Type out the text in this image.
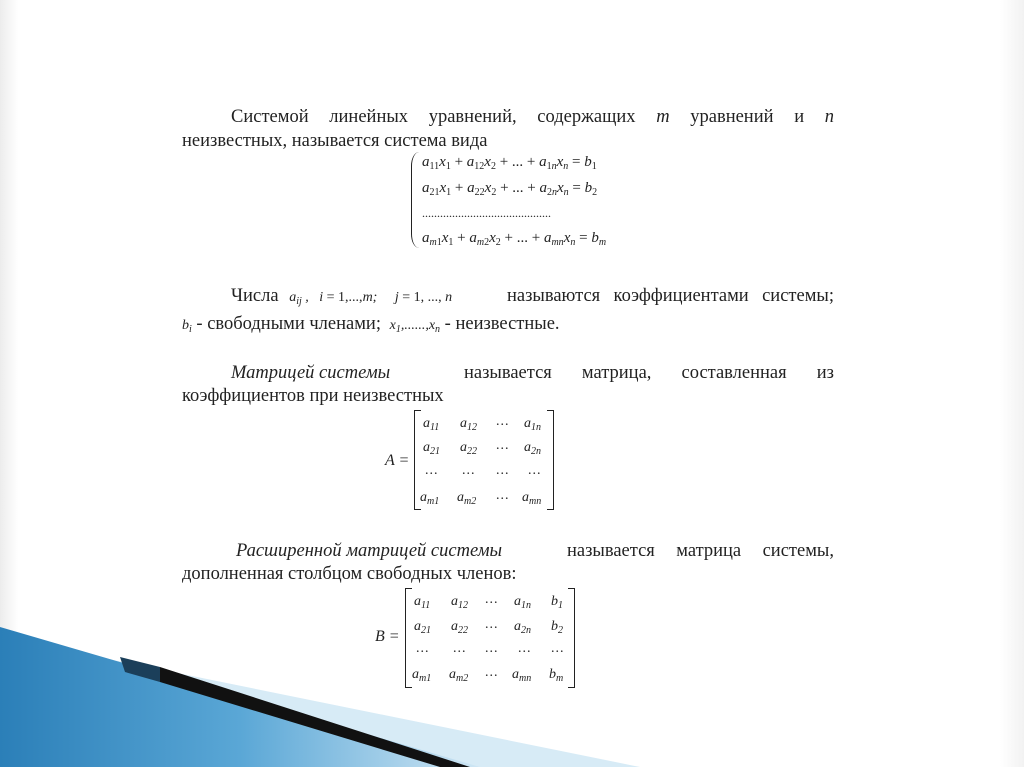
Системой линейных уравнений, содержащих m уравнений и n
неизвестных, называется система вида
$a_{11}x_1 + a_{12}x_2$ + ... + $a_{1n}x_n = b_1$
$a_{21}x_1 + a_{22}x_2$ + ... + $a_{2n}x_n = b_2$
...........................................
$a_{m1}x_1 + a_{m2}x_2$ + ... + $a_{mn}x_n = b_m$
Числа $a_{ij}$ ,   i = 1,...,m;     j = 1, ..., n	называются коэффициентами системы;
$b_i$ - свободными членами; $x_1,......,x_n$ - неизвестные.
Матрицей системы	называется матрица, составленная из
коэффициентов при неизвестных
A =
$a_{11}$ $a_{12}$ ... $a_{1n}$
$a_{21}$ $a_{22}$ ... $a_{2n}$
... ... ... ...
$a_{m1}$ $a_{m2}$ ... $a_{mn}$
Расширенной матрицей системы	называется матрица системы,
дополненная столбцом свободных членов:
B =
$a_{11}$ $a_{12}$ ... $a_{1n}$ $b_1$
$a_{21}$ $a_{22}$ ... $a_{2n}$ $b_2$
... ... ... ... ...
$a_{m1}$ $a_{m2}$ ... $a_{mn}$ $b_m$
